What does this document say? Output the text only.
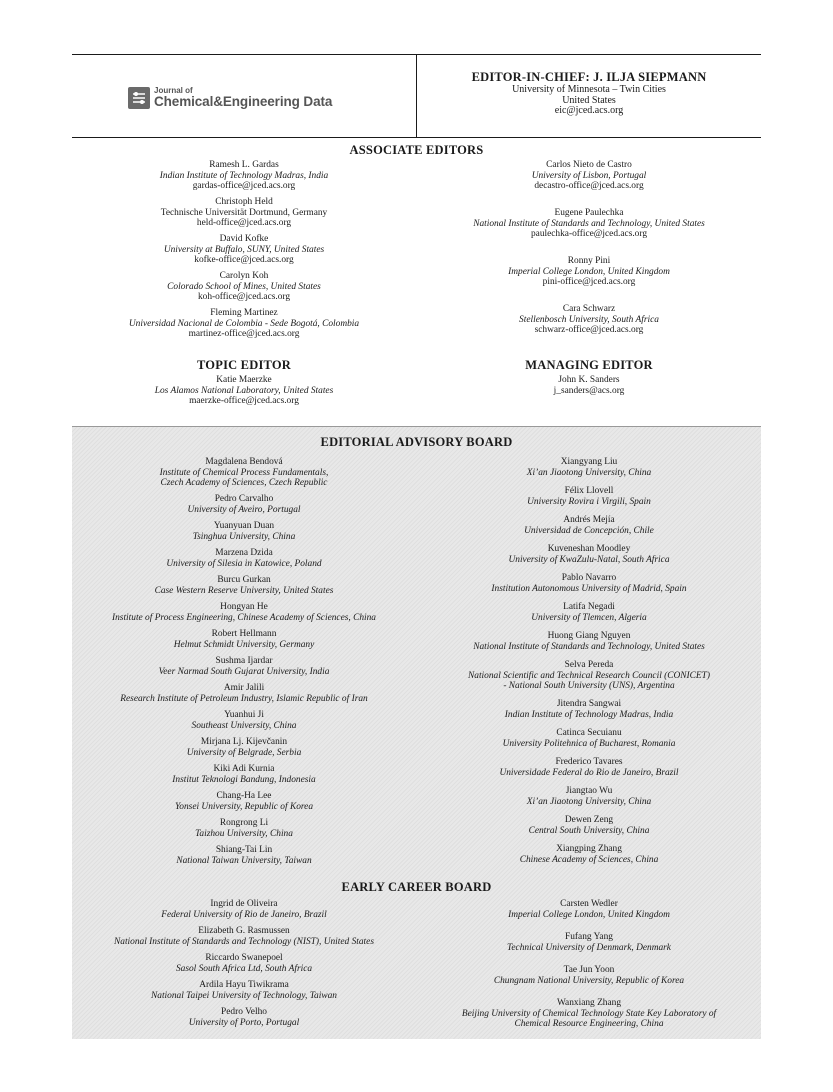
Journal of
Chemical&Engineering Data
EDITOR-IN-CHIEF: J. ILJA SIEPMANN
University of Minnesota – Twin Cities
United States
eic@jced.acs.org
ASSOCIATE EDITORS
Ramesh L. Gardas
Indian Institute of Technology Madras, India
gardas-office@jced.acs.org
Christoph Held
Technische Universität Dortmund, Germany
held-office@jced.acs.org
David Kofke
University at Buffalo, SUNY, United States
kofke-office@jced.acs.org
Carolyn Koh
Colorado School of Mines, United States
koh-office@jced.acs.org
Fleming Martinez
Universidad Nacional de Colombia - Sede Bogotá, Colombia
martinez-office@jced.acs.org
Carlos Nieto de Castro
University of Lisbon, Portugal
decastro-office@jced.acs.org
Eugene Paulechka
National Institute of Standards and Technology, United States
paulechka-office@jced.acs.org
Ronny Pini
Imperial College London, United Kingdom
pini-office@jced.acs.org
Cara Schwarz
Stellenbosch University, South Africa
schwarz-office@jced.acs.org
TOPIC EDITOR
Katie Maerzke
Los Alamos National Laboratory, United States
maerzke-office@jced.acs.org
MANAGING EDITOR
John K. Sanders
j_sanders@acs.org
EDITORIAL ADVISORY BOARD
Magdalena Bendová
Institute of Chemical Process Fundamentals,
Czech Academy of Sciences, Czech Republic
Pedro Carvalho
University of Aveiro, Portugal
Yuanyuan Duan
Tsinghua University, China
Marzena Dzida
University of Silesia in Katowice, Poland
Burcu Gurkan
Case Western Reserve University, United States
Hongyan He
Institute of Process Engineering, Chinese Academy of Sciences, China
Robert Hellmann
Helmut Schmidt University, Germany
Sushma Ijardar
Veer Narmad South Gujarat University, India
Amir Jalili
Research Institute of Petroleum Industry, Islamic Republic of Iran
Yuanhui Ji
Southeast University, China
Mirjana Lj. Kijevčanin
University of Belgrade, Serbia
Kiki Adi Kurnia
Institut Teknologi Bandung, Indonesia
Chang-Ha Lee
Yonsei University, Republic of Korea
Rongrong Li
Taizhou University, China
Shiang-Tai Lin
National Taiwan University, Taiwan
Xiangyang Liu
Xi’an Jiaotong University, China
Félix Llovell
University Rovira i Virgili, Spain
Andrés Mejía
Universidad de Concepción, Chile
Kuveneshan Moodley
University of KwaZulu-Natal, South Africa
Pablo Navarro
Institution Autonomous University of Madrid, Spain
Latifa Negadi
University of Tlemcen, Algeria
Huong Giang Nguyen
National Institute of Standards and Technology, United States
Selva Pereda
National Scientific and Technical Research Council (CONICET)
- National South University (UNS), Argentina
Jitendra Sangwai
Indian Institute of Technology Madras, India
Catinca Secuianu
University Politehnica of Bucharest, Romania
Frederico Tavares
Universidade Federal do Rio de Janeiro, Brazil
Jiangtao Wu
Xi’an Jiaotong University, China
Dewen Zeng
Central South University, China
Xiangping Zhang
Chinese Academy of Sciences, China
EARLY CAREER BOARD
Ingrid de Oliveira
Federal University of Rio de Janeiro, Brazil
Elizabeth G. Rasmussen
National Institute of Standards and Technology (NIST), United States
Riccardo Swanepoel
Sasol South Africa Ltd, South Africa
Ardila Hayu Tiwikrama
National Taipei University of Technology, Taiwan
Pedro Velho
University of Porto, Portugal
Carsten Wedler
Imperial College London, United Kingdom
Fufang Yang
Technical University of Denmark, Denmark
Tae Jun Yoon
Chungnam National University, Republic of Korea
Wanxiang Zhang
Beijing University of Chemical Technology State Key Laboratory of
Chemical Resource Engineering, China
